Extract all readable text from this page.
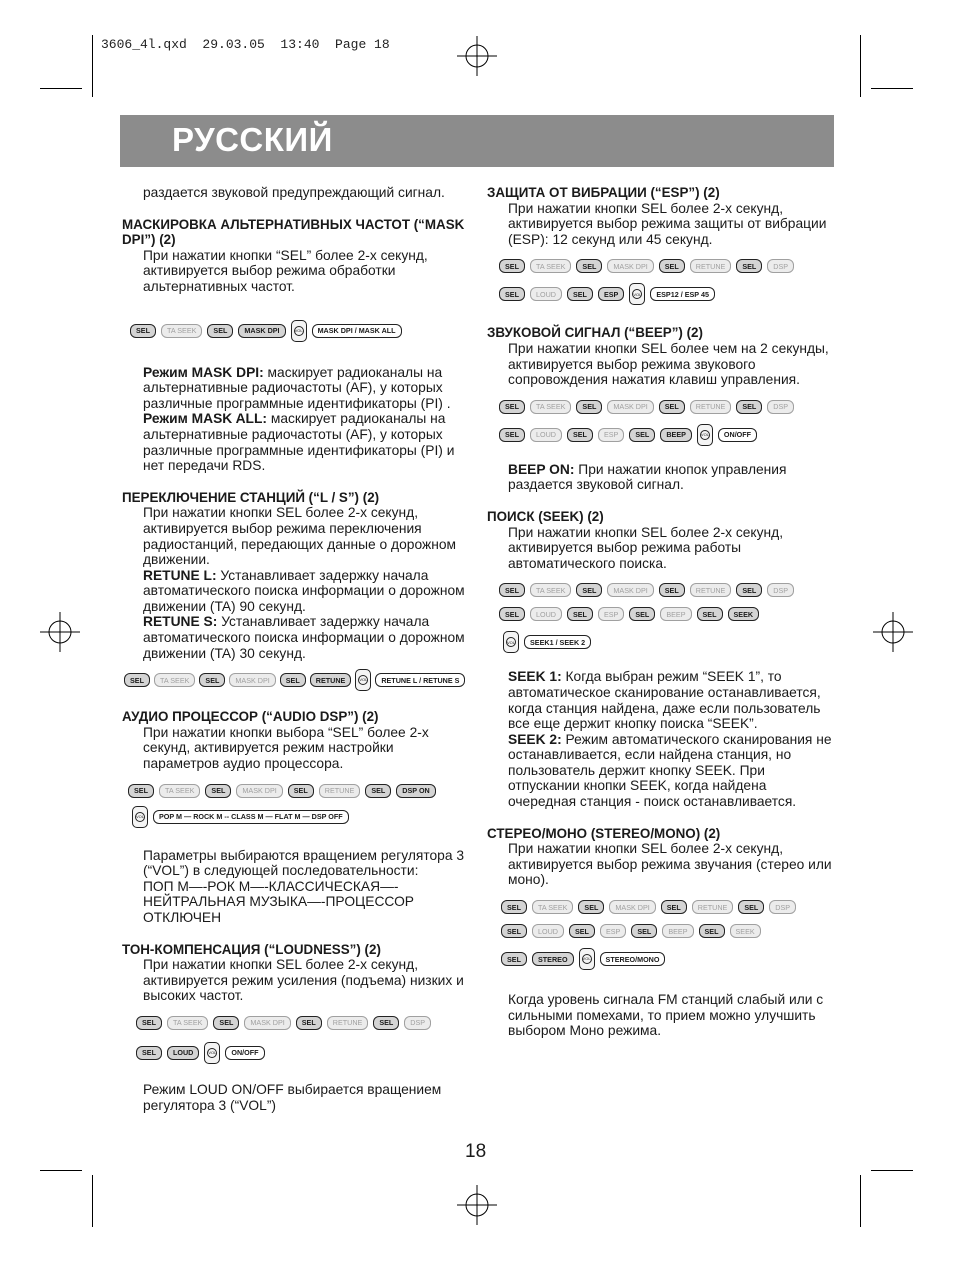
3606_4l.qxd  29.03.05  13:40  Page 18
РУССКИЙ
раздается звуковой предупреждающий сигнал.
МАСКИРОВКА АЛЬТЕРНАТИВНЫХ ЧАСТОТ (“MASK DPI”) (2)
При нажатии кнопки “SEL” более 2-х секунд, активируется выбор режима обработки альтернативных частот.
SEL	TA SEEK	SEL	MASK DPI	VOL	MASK DPI / MASK ALL
Режим MASK DPI: маскирует радиоканалы на альтернативные радиочастоты (AF), у которых различные программные идентификаторы (PI) .
Режим MASK ALL: маскирует радиоканалы на альтернативные радиочастоты (AF), у которых различные программные идентификаторы (PI) и нет передачи RDS.
ПЕРЕКЛЮЧЕНИЕ СТАНЦИЙ (“L / S”) (2)
При нажатии кнопки SEL более 2-х секунд, активируется выбор режима переключения радиостанций, передающих данные о дорожном движении.
RETUNE L: Устанавливает задержку начала автоматического поиска информации о дорожном движении (TA) 90 секунд.
RETUNE S: Устанавливает задержку начала автоматического поиска информации о дорожном движении (TA) 30 секунд.
SEL	TA SEEK	SEL	MASK DPI	SEL	RETUNE	VOL	RETUNE L / RETUNE S
АУДИО ПРОЦЕССОР (“AUDIO DSP”) (2)
При нажатии кнопки выбора “SEL” более 2-х секунд, активируется режим настройки параметров аудио процессора.
SEL	TA SEEK	SEL	MASK DPI	SEL	RETUNE	SEL	DSP ON
VOL	POP M — ROCK M -- CLASS M — FLAT M — DSP OFF
Параметры выбираются вращением регулятора 3 (“VOL”) в следующей последовательности:
ПОП М—-РОК М—-КЛАССИЧЕСКАЯ—-НЕЙТРАЛЬНАЯ МУЗЫКА—-ПРОЦЕССОР ОТКЛЮЧЕН
ТОН-КОМПЕНСАЦИЯ (“LOUDNESS”) (2)
При нажатии кнопки SEL более 2-х секунд, активируется режим усиления (подъема) низких и высоких частот.
SEL	TA SEEK	SEL	MASK DPI	SEL	RETUNE	SEL	DSP
SEL	LOUD	VOL	ON/OFF
Режим LOUD ON/OFF выбирается вращением регулятора 3 (“VOL”)
ЗАЩИТА ОТ ВИБРАЦИИ (“ESP”) (2)
При нажатии кнопки SEL более 2-х секунд, активируется выбор режима защиты от вибрации (ESP): 12 секунд или 45 секунд.
SEL	TA SEEK	SEL	MASK DPI	SEL	RETUNE	SEL	DSP
SEL	LOUD	SEL	ESP	VOL	ESP12 / ESP 45
ЗВУКОВОЙ СИГНАЛ (“BEEP”) (2)
При нажатии кнопки SEL более чем на 2 секунды, активируется выбор режима звукового сопровождения нажатия клавиш управления.
SEL	TA SEEK	SEL	MASK DPI	SEL	RETUNE	SEL	DSP
SEL	LOUD	SEL	ESP	SEL	BEEP	VOL	ON/OFF
BEEP ON: При нажатии кнопок управления раздается звуковой сигнал.
ПОИСК (SEEK) (2)
При нажатии кнопки SEL более 2-х секунд, активируется выбор режима работы автоматического поиска.
SEL	TA SEEK	SEL	MASK DPI	SEL	RETUNE	SEL	DSP
SEL	LOUD	SEL	ESP	SEL	BEEP	SEL	SEEK
VOL	SEEK1 / SEEK 2
SEEK 1: Когда выбран режим “SEEK 1”, то автоматическое сканирование останавливается, когда станция найдена, даже если пользователь все еще держит кнопку поиска “SEEK”.
SEEK 2: Режим автоматического сканирования не останавливается, если найдена станция, но пользователь держит кнопку SEEK. При отпускании кнопки SEEK, когда найдена очередная станция - поиск останавливается.
СТЕРЕО/МОНО (STEREO/MONO) (2)
При нажатии кнопки SEL более 2-х секунд, активируется выбор режима звучания (стерео или моно).
SEL	TA SEEK	SEL	MASK DPI	SEL	RETUNE	SEL	DSP
SEL	LOUD	SEL	ESP	SEL	BEEP	SEL	SEEK
SEL	STEREO	VOL	STEREO/MONO
Когда уровень сигнала FM станций слабый или с сильными помехами, то прием можно улучшить выбором Моно режима.
18
